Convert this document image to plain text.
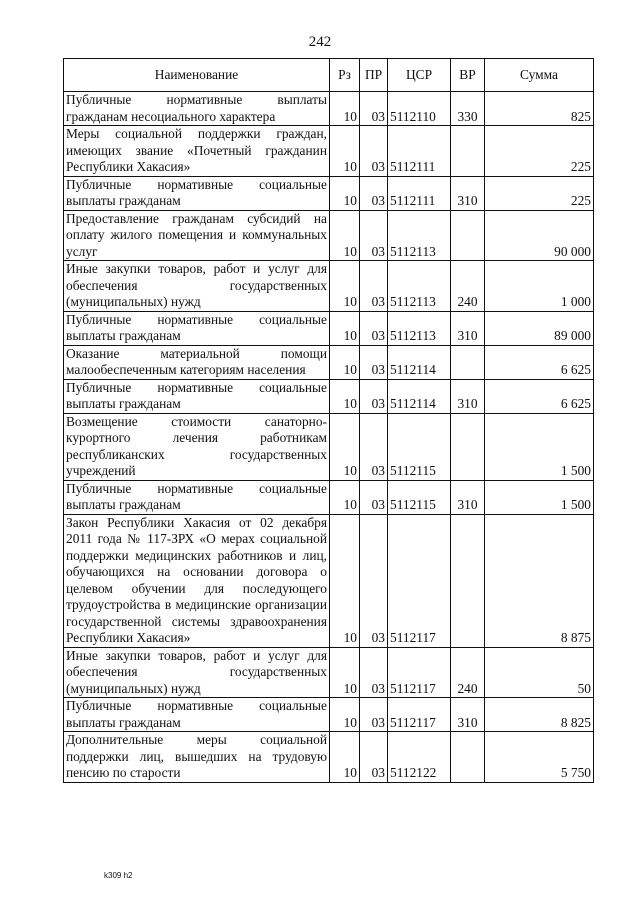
242
Наименование	Рз	ПР	ЦСР	ВР	Сумма
Публичные нормативные выплаты гражданам несоциального характера	10	03	5112110	330	825
Меры социальной поддержки граждан, имеющих звание «Почетный гражданин Республики Хакасия»	10	03	5112111		225
Публичные нормативные социальные выплаты гражданам	10	03	5112111	310	225
Предоставление гражданам субсидий на оплату жилого помещения и коммунальных услуг	10	03	5112113		90 000
Иные закупки товаров, работ и услуг для обеспечения государственных (муниципальных) нужд	10	03	5112113	240	1 000
Публичные нормативные социальные выплаты гражданам	10	03	5112113	310	89 000
Оказание материальной помощи малообеспеченным категориям населения	10	03	5112114		6 625
Публичные нормативные социальные выплаты гражданам	10	03	5112114	310	6 625
Возмещение стоимости санаторно-курортного лечения работникам республиканских государственных учреждений	10	03	5112115		1 500
Публичные нормативные социальные выплаты гражданам	10	03	5112115	310	1 500
Закон Республики Хакасия от 02 декабря 2011 года № 117-ЗРХ «О мерах социальной поддержки медицинских работников и лиц, обучающихся на основании договора о целевом обучении для последующего трудоустройства в медицинские организации государственной системы здравоохранения Республики Хакасия»	10	03	5112117		8 875
Иные закупки товаров, работ и услуг для обеспечения государственных (муниципальных) нужд	10	03	5112117	240	50
Публичные нормативные социальные выплаты гражданам	10	03	5112117	310	8 825
Дополнительные меры социальной поддержки лиц, вышедших на трудовую пенсию по старости	10	03	5112122		5 750
k309 h2
